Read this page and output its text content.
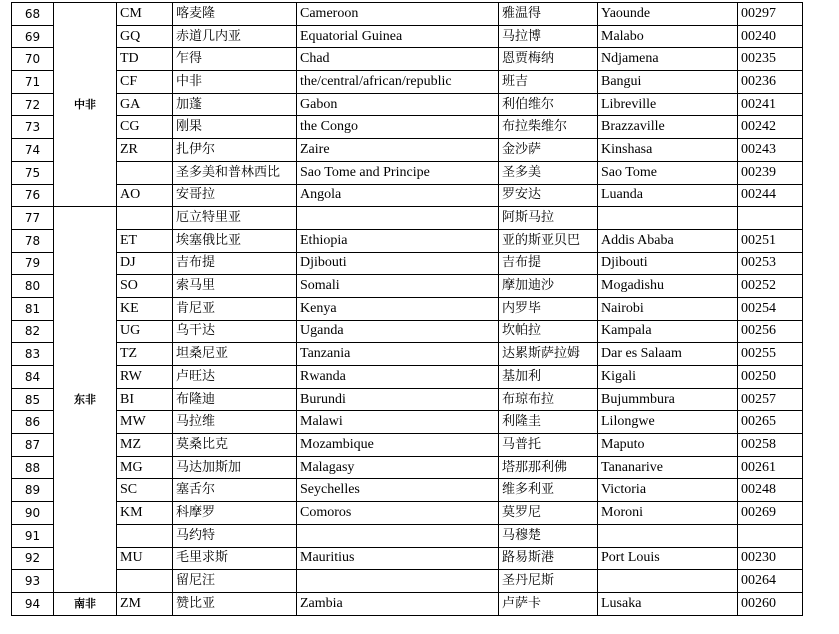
68	中非	CM	喀麦隆	Cameroon	雅温得	Yaounde	00297
69		GQ	赤道几内亚	Equatorial Guinea	马拉博	Malabo	00240
70		TD	乍得	Chad	恩贾梅纳	Ndjamena	00235
71		CF	中非	the/central/african/republic	班吉	Bangui	00236
72		GA	加蓬	Gabon	利伯维尔	Libreville	00241
73		CG	刚果	the Congo	布拉柴维尔	Brazzaville	00242
74		ZR	扎伊尔	Zaire	金沙萨	Kinshasa	00243
75			圣多美和普林西比	Sao Tome and Principe	圣多美	Sao Tome	00239
76		AO	安哥拉	Angola	罗安达	Luanda	00244
77	东非		厄立特里亚		阿斯马拉		
78		ET	埃塞俄比亚	Ethiopia	亚的斯亚贝巴	Addis Ababa	00251
79		DJ	吉布提	Djibouti	吉布提	Djibouti	00253
80		SO	索马里	Somali	摩加迪沙	Mogadishu	00252
81		KE	肯尼亚	Kenya	内罗毕	Nairobi	00254
82		UG	乌干达	Uganda	坎帕拉	Kampala	00256
83		TZ	坦桑尼亚	Tanzania	达累斯萨拉姆	Dar es Salaam	00255
84		RW	卢旺达	Rwanda	基加利	Kigali	00250
85		BI	布隆迪	Burundi	布琼布拉	Bujummbura	00257
86		MW	马拉维	Malawi	利隆圭	Lilongwe	00265
87		MZ	莫桑比克	Mozambique	马普托	Maputo	00258
88		MG	马达加斯加	Malagasy	塔那那利佛	Tananarive	00261
89		SC	塞舌尔	Seychelles	维多利亚	Victoria	00248
90		KM	科摩罗	Comoros	莫罗尼	Moroni	00269
91			马约特		马穆楚		
92		MU	毛里求斯	Mauritius	路易斯港	Port Louis	00230
93			留尼汪		圣丹尼斯		00264
94	南非	ZM	赞比亚	Zambia	卢萨卡	Lusaka	00260
